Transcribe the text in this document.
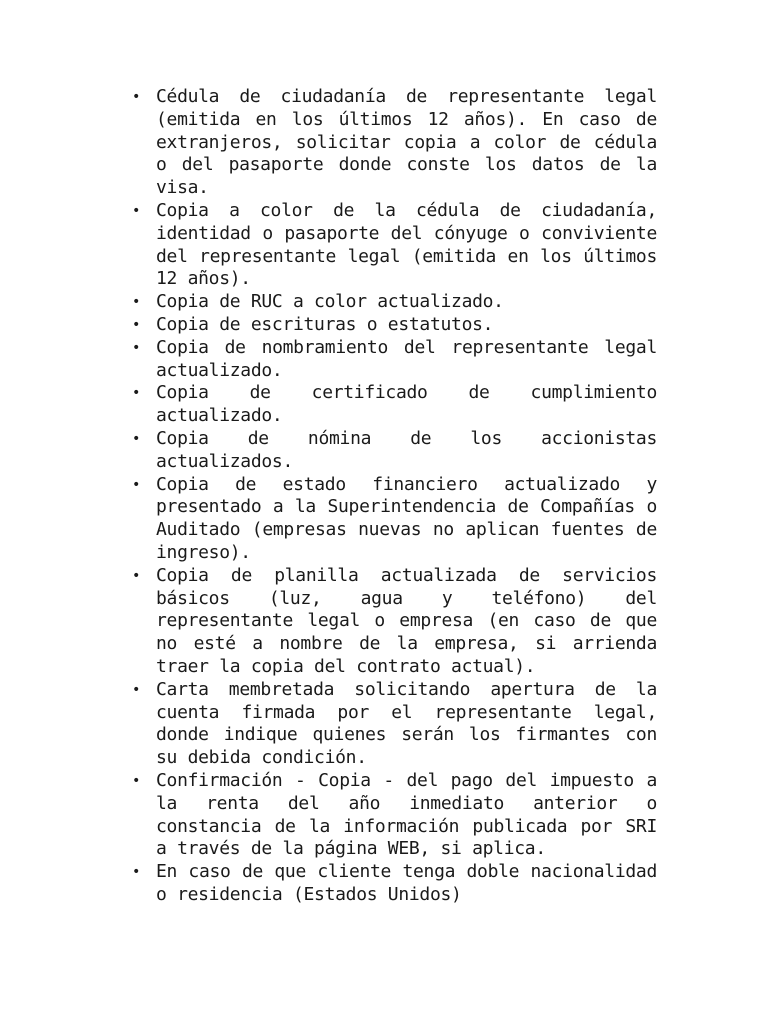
• Cédula de ciudadanía de representante legal (emitida en los últimos 12 años). En caso de extranjeros, solicitar copia a color de cédula o del pasaporte donde conste los datos de la visa.
• Copia a color de la cédula de ciudadanía, identidad o pasaporte del cónyuge o conviviente del representante legal (emitida en los últimos 12 años).
• Copia de RUC a color actualizado.
• Copia de escrituras o estatutos.
• Copia de nombramiento del representante legal actualizado.
• Copia de certificado de cumplimiento actualizado.
• Copia de nómina de los accionistas actualizados.
• Copia de estado financiero actualizado y presentado a la Superintendencia de Compañías o Auditado (empresas nuevas no aplican fuentes de ingreso).
• Copia de planilla actualizada de servicios básicos (luz, agua y teléfono) del representante legal o empresa (en caso de que no esté a nombre de la empresa, si arrienda traer la copia del contrato actual).
• Carta membretada solicitando apertura de la cuenta firmada por el representante legal, donde indique quienes serán los firmantes con su debida condición.
• Confirmación - Copia - del pago del impuesto a la renta del año inmediato anterior o constancia de la información publicada por SRI a través de la página WEB, si aplica.
• En caso de que cliente tenga doble nacionalidad o residencia (Estados Unidos)
